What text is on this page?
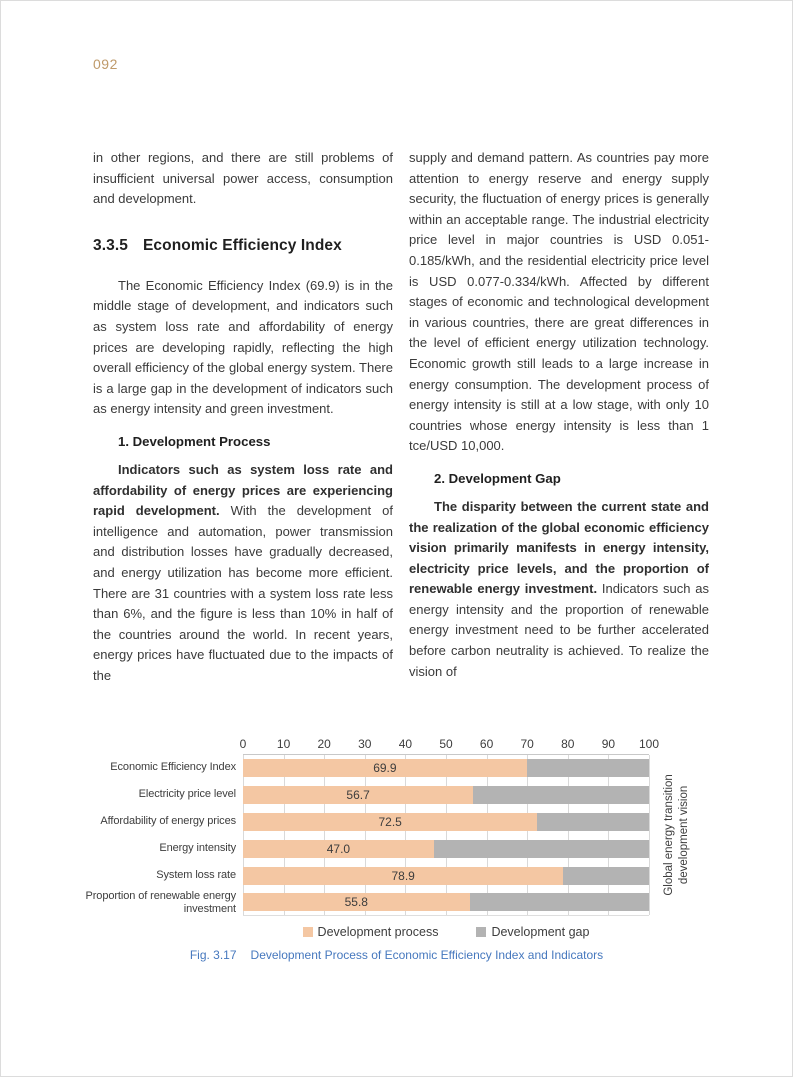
092

in other regions, and there are still problems of insufficient universal power access, consumption and development.

3.3.5 Economic Efficiency Index

The Economic Efficiency Index (69.9) is in the middle stage of development, and indicators such as system loss rate and affordability of energy prices are developing rapidly, reflecting the high overall efficiency of the global energy system. There is a large gap in the development of indicators such as energy intensity and green investment.

1. Development Process

Indicators such as system loss rate and affordability of energy prices are experiencing rapid development. With the development of intelligence and automation, power transmission and distribution losses have gradually decreased, and energy utilization has become more efficient. There are 31 countries with a system loss rate less than 6%, and the figure is less than 10% in half of the countries around the world. In recent years, energy prices have fluctuated due to the impacts of the

supply and demand pattern. As countries pay more attention to energy reserve and energy supply security, the fluctuation of energy prices is generally within an acceptable range. The industrial electricity price level in major countries is USD 0.051-0.185/kWh, and the residential electricity price level is USD 0.077-0.334/kWh. Affected by different stages of economic and technological development in various countries, there are great differences in the level of efficient energy utilization technology. Economic growth still leads to a large increase in energy consumption. The development process of energy intensity is still at a low stage, with only 10 countries whose energy intensity is less than 1 tce/USD 10,000.

2. Development Gap

The disparity between the current state and the realization of the global economic efficiency vision primarily manifests in energy intensity, electricity price levels, and the proportion of renewable energy investment. Indicators such as energy intensity and the proportion of renewable energy investment need to be further accelerated before carbon neutrality is achieved. To realize the vision of

Economic Efficiency Index
Electricity price level
Affordability of energy prices
Energy intensity
System loss rate
Proportion of renewable energy investment
0	10 20 30 40 50 60 70 80 90 100
69.9
56.7
72.5
47.0
78.9
55.8
Development process	Development gap
Global energy transition development vision
Fig. 3.17 Development Process of Economic Efficiency Index and Indicators
